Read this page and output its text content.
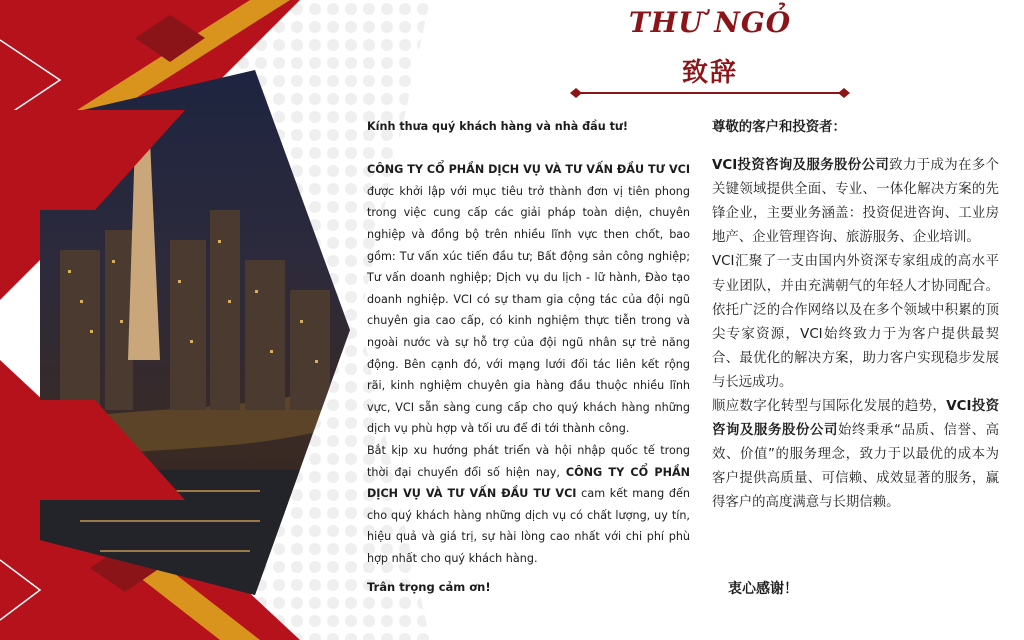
THƯ NGỎ
致辞

Kính thưa quý khách hàng và nhà đầu tư!

CÔNG TY CỔ PHẦN DỊCH VỤ VÀ TƯ VẤN ĐẦU TƯ VCI được khởi lập với mục tiêu trở thành đơn vị tiên phong trong việc cung cấp các giải pháp toàn diện, chuyên nghiệp và đồng bộ trên nhiều lĩnh vực then chốt, bao gồm: Tư vấn xúc tiến đầu tư; Bất động sản công nghiệp; Tư vấn doanh nghiệp; Dịch vụ du lịch - lữ hành, Đào tạo doanh nghiệp. VCI có sự tham gia cộng tác của đội ngũ chuyên gia cao cấp, có kinh nghiệm thực tiễn trong và ngoài nước và sự hỗ trợ của đội ngũ nhân sự trẻ năng động. Bên cạnh đó, với mạng lưới đối tác liên kết rộng rãi, kinh nghiệm chuyên gia hàng đầu thuộc nhiều lĩnh vực, VCI sẵn sàng cung cấp cho quý khách hàng những dịch vụ phù hợp và tối ưu để đi tới thành công.

Bắt kịp xu hướng phát triển và hội nhập quốc tế trong thời đại chuyển đổi số hiện nay, CÔNG TY CỔ PHẦN DỊCH VỤ VÀ TƯ VẤN ĐẦU TƯ VCI cam kết mang đến cho quý khách hàng những dịch vụ có chất lượng, uy tín, hiệu quả và giá trị, sự hài lòng cao nhất với chi phí phù hợp nhất cho quý khách hàng.

尊敬的客户和投资者：

VCI投资咨询及服务股份公司致力于成为在多个关键领域提供全面、专业、一体化解决方案的先锋企业，主要业务涵盖：投资促进咨询、工业房地产、企业管理咨询、旅游服务、企业培训。

VCI汇聚了一支由国内外资深专家组成的高水平专业团队，并由充满朝气的年轻人才协同配合。依托广泛的合作网络以及在多个领域中积累的顶尖专家资源，VCI始终致力于为客户提供最契合、最优化的解决方案，助力客户实现稳步发展与长远成功。

顺应数字化转型与国际化发展的趋势，VCI投资咨询及服务股份公司始终秉承“品质、信誉、高效、价值”的服务理念，致力于以最优的成本为客户提供高质量、可信赖、成效显著的服务，赢得客户的高度满意与长期信赖。

Trân trọng cảm ơn!	衷心感谢！
